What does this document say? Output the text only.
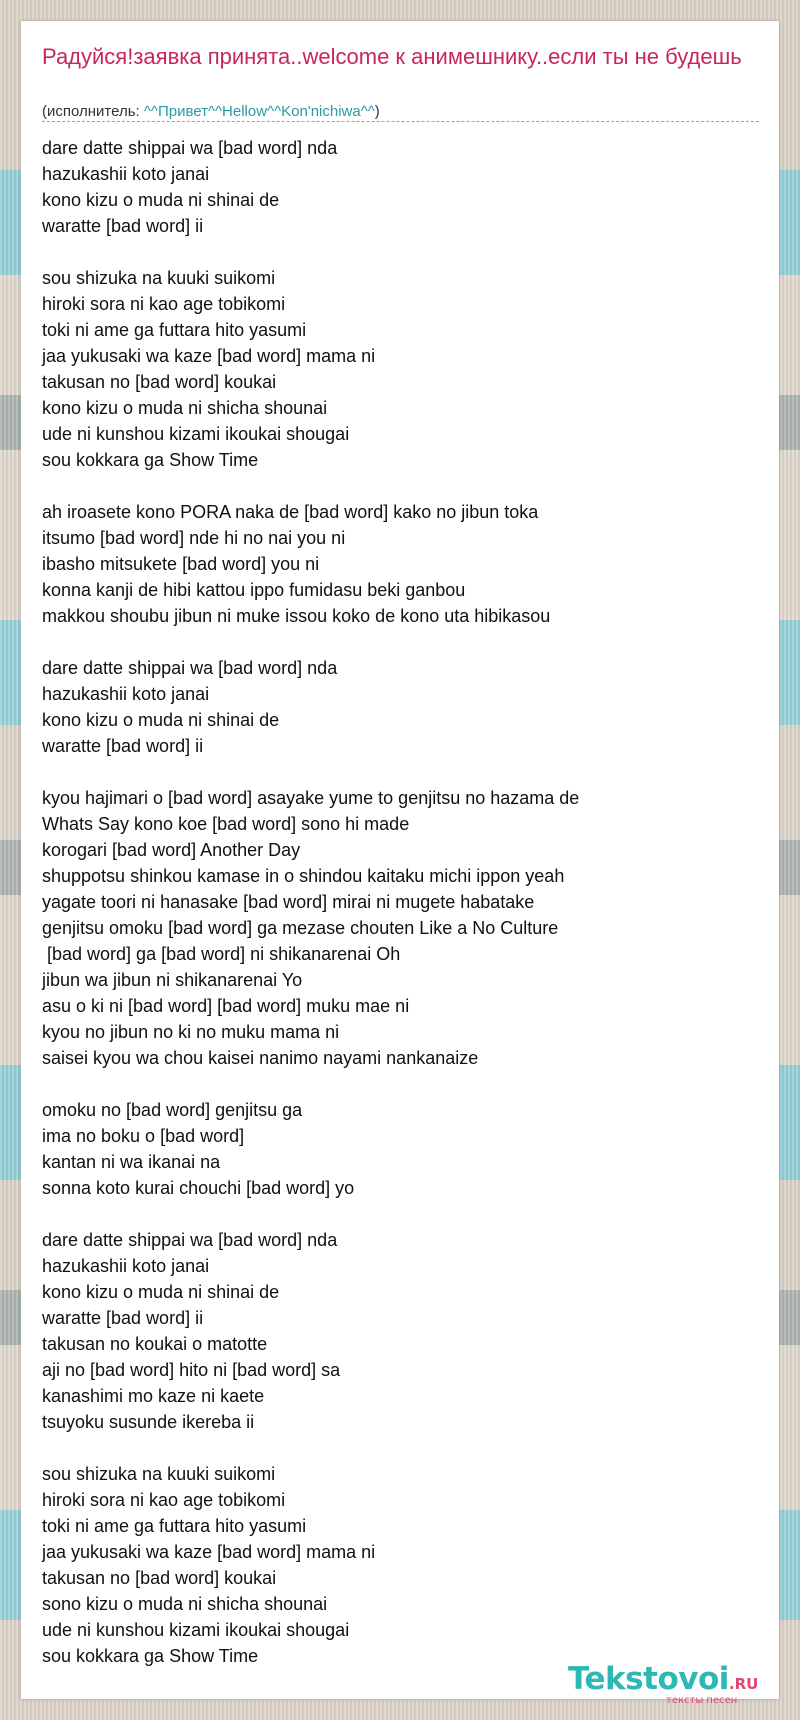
Радуйся!заявка принята..welcome к анимешнику..если ты не будешь
(исполнитель: ^^Привет^^Hellow^^Kon'nichiwa^^)
dare datte shippai wa [bad word] nda
hazukashii koto janai
kono kizu o muda ni shinai de
waratte [bad word] ii
sou shizuka na kuuki suikomi
hiroki sora ni kao age tobikomi
toki ni ame ga futtara hito yasumi
jaa yukusaki wa kaze [bad word] mama ni
takusan no [bad word] koukai
kono kizu o muda ni shicha shounai
ude ni kunshou kizami ikoukai shougai
sou kokkara ga Show Time
ah iroasete kono PORA naka de [bad word] kako no jibun toka
itsumo [bad word] nde hi no nai you ni
ibasho mitsukete [bad word] you ni
konna kanji de hibi kattou ippo fumidasu beki ganbou
makkou shoubu jibun ni muke issou koko de kono uta hibikasou
dare datte shippai wa [bad word] nda
hazukashii koto janai
kono kizu o muda ni shinai de
waratte [bad word] ii
kyou hajimari o [bad word] asayake yume to genjitsu no hazama de
Whats Say kono koe [bad word] sono hi made
korogari [bad word] Another Day
shuppotsu shinkou kamase in o shindou kaitaku michi ippon yeah
yagate toori ni hanasake [bad word] mirai ni mugete habatake
genjitsu omoku [bad word] ga mezase chouten Like a No Culture
[bad word] ga [bad word] ni shikanarenai Oh
jibun wa jibun ni shikanarenai Yo
asu o ki ni [bad word] [bad word] muku mae ni
kyou no jibun no ki no muku mama ni
saisei kyou wa chou kaisei nanimo nayami nankanaize
omoku no [bad word] genjitsu ga
ima no boku o [bad word]
kantan ni wa ikanai na
sonna koto kurai chouchi [bad word] yo
dare datte shippai wa [bad word] nda
hazukashii koto janai
kono kizu o muda ni shinai de
waratte [bad word] ii
takusan no koukai o matotte
aji no [bad word] hito ni [bad word] sa
kanashimi mo kaze ni kaete
tsuyoku susunde ikereba ii
sou shizuka na kuuki suikomi
hiroki sora ni kao age tobikomi
toki ni ame ga futtara hito yasumi
jaa yukusaki wa kaze [bad word] mama ni
takusan no [bad word] koukai
sono kizu o muda ni shicha shounai
ude ni kunshou kizami ikoukai shougai
sou kokkara ga Show Time
Tekstovoi.RU
тексты песен
